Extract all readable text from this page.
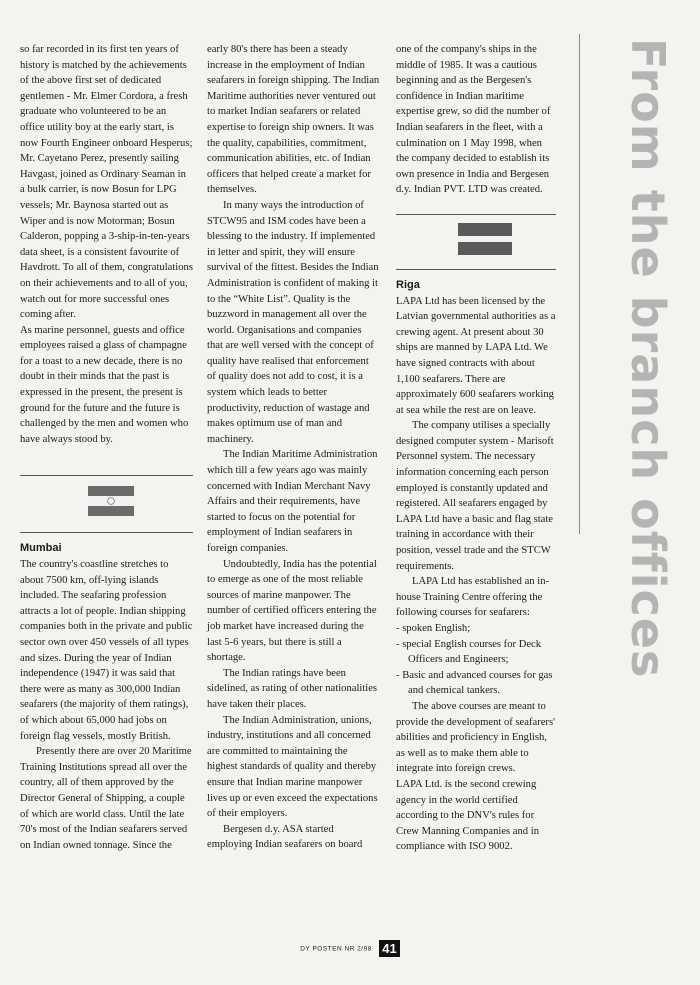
so far recorded in its first ten years of history is matched by the achievements of the above first set of dedicated gentlemen - Mr. Elmer Cordora, a fresh graduate who volunteered to be an office utility boy at the early start, is now Fourth Engineer onboard Hesperus; Mr. Cayetano Perez, presently sailing Havgast, joined as Ordinary Seaman in a bulk carrier, is now Bosun for LPG vessels; Mr. Baynosa started out as Wiper and is now Motorman; Bosun Calderon, popping a 3-ship-in-ten-years data sheet, is a consistent favourite of Havdrott. To all of them, congratulations on their achievements and to all of you, watch out for more successful ones coming after.

As marine personnel, guests and office employees raised a glass of champagne for a toast to a new decade, there is no doubt in their minds that the past is expressed in the present, the present is ground for the future and the future is challenged by the men and women who have always stood by.

Mumbai

The country's coastline stretches to about 7500 km, off-lying islands included. The seafaring profession attracts a lot of people. Indian shipping companies both in the private and public sector own over 450 vessels of all types and sizes. During the year of Indian independence (1947) it was said that there were as many as 300,000 Indian seafarers (the majority of them ratings), of which about 65,000 had jobs on foreign flag vessels, mostly British.

Presently there are over 20 Maritime Training Institutions spread all over the country, all of them approved by the Director General of Shipping, a couple of which are world class. Until the late 70's most of the Indian seafarers served on Indian owned tonnage. Since the

early 80's there has been a steady increase in the employment of Indian seafarers in foreign shipping. The Indian Maritime authorities never ventured out to market Indian seafarers or related expertise to foreign ship owners. It was the quality, capabilities, commitment, communication abilities, etc. of Indian officers that helped create a market for themselves.

In many ways the introduction of STCW95 and ISM codes have been a blessing to the industry. If implemented in letter and spirit, they will ensure survival of the fittest. Besides the Indian Administration is confident of making it to the “White List”. Quality is the buzzword in management all over the world. Organisations and companies that are well versed with the concept of quality have realised that enforcement of quality does not add to cost, it is a system which leads to better productivity, reduction of wastage and makes optimum use of man and machinery.

The Indian Maritime Administration which till a few years ago was mainly concerned with Indian Merchant Navy Affairs and their requirements, have started to focus on the potential for employment of Indian seafarers in foreign companies.

Undoubtedly, India has the potential to emerge as one of the most reliable sources of marine manpower. The number of certified officers entering the job market have increased during the last 5-6 years, but there is still a shortage.

The Indian ratings have been sidelined, as rating of other nationalities have taken their places.

The Indian Administration, unions, industry, institutions and all concerned are committed to maintaining the highest standards of quality and thereby ensure that Indian marine manpower lives up or even exceed the expectations of their employers.

Bergesen d.y. ASA started employing Indian seafarers on board

one of the company's ships in the middle of 1985. It was a cautious beginning and as the Bergesen's confidence in Indian maritime expertise grew, so did the number of Indian seafarers in the fleet, with a culmination on 1 May 1998, when the company decided to establish its own presence in India and Bergesen d.y. Indian PVT. LTD was created.

Riga

LAPA Ltd has been licensed by the Latvian governmental authorities as a crewing agent. At present about 30 ships are manned by LAPA Ltd. We have signed contracts with about 1,100 seafarers. There are approximately 600 seafarers working at sea while the rest are on leave.

The company utilises a specially designed computer system - Marisoft Personnel system. The necessary information concerning each person employed is constantly updated and registered. All seafarers engaged by LAPA Ltd have a basic and flag state training in accordance with their position, vessel trade and the STCW requirements.

LAPA Ltd has established an in-house Training Centre offering the following courses for seafarers:

- spoken English;
- special English courses for Deck Officers and Engineers;
- Basic and advanced courses for gas and chemical tankers.

The above courses are meant to provide the development of seafarers' abilities and proficiency in English, as well as to make them able to integrate into foreign crews.

LAPA Ltd. is the second crewing agency in the world certified according to the DNV's rules for Crew Manning Companies and in compliance with ISO 9002.

From the branch offices
DY POSTEN NR 2/98 41
